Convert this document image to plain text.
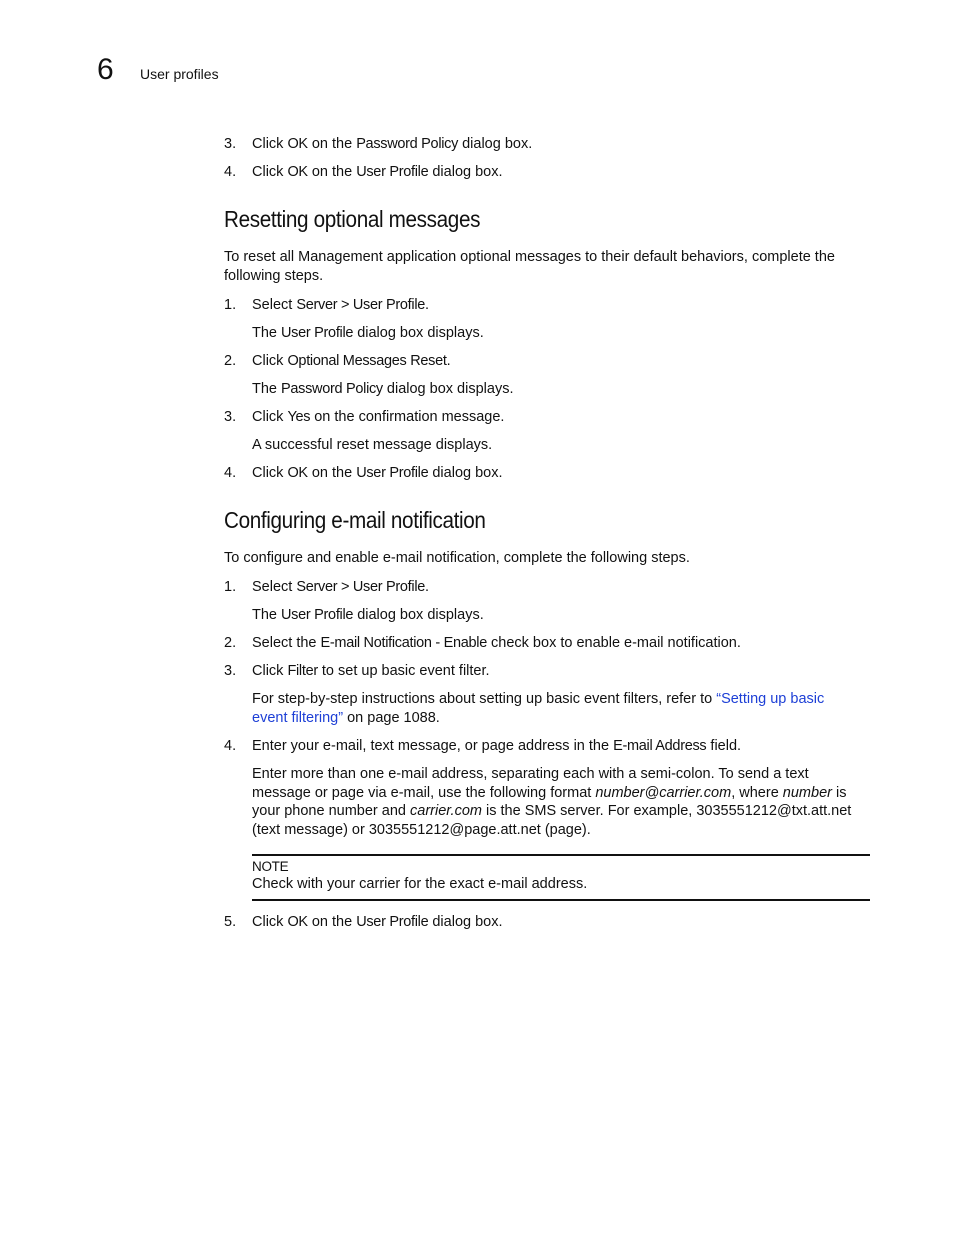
6 User profiles
3. Click OK on the Password Policy dialog box.
4. Click OK on the User Profile dialog box.
Resetting optional messages
To reset all Management application optional messages to their default behaviors, complete the
following steps.
1. Select Server > User Profile.
The User Profile dialog box displays.
2. Click Optional Messages Reset.
The Password Policy dialog box displays.
3. Click Yes on the confirmation message.
A successful reset message displays.
4. Click OK on the User Profile dialog box.
Configuring e-mail notification
To configure and enable e-mail notification, complete the following steps.
1. Select Server > User Profile.
The User Profile dialog box displays.
2. Select the E-mail Notification - Enable check box to enable e-mail notification.
3. Click Filter to set up basic event filter.
For step-by-step instructions about setting up basic event filters, refer to “Setting up basic
event filtering” on page 1088.
4. Enter your e-mail, text message, or page address in the E-mail Address field.
Enter more than one e-mail address, separating each with a semi-colon. To send a text
message or page via e-mail, use the following format number@carrier.com, where number is
your phone number and carrier.com is the SMS server. For example, 3035551212@txt.att.net
(text message) or 3035551212@page.att.net (page).
NOTE
Check with your carrier for the exact e-mail address.
5. Click OK on the User Profile dialog box.
